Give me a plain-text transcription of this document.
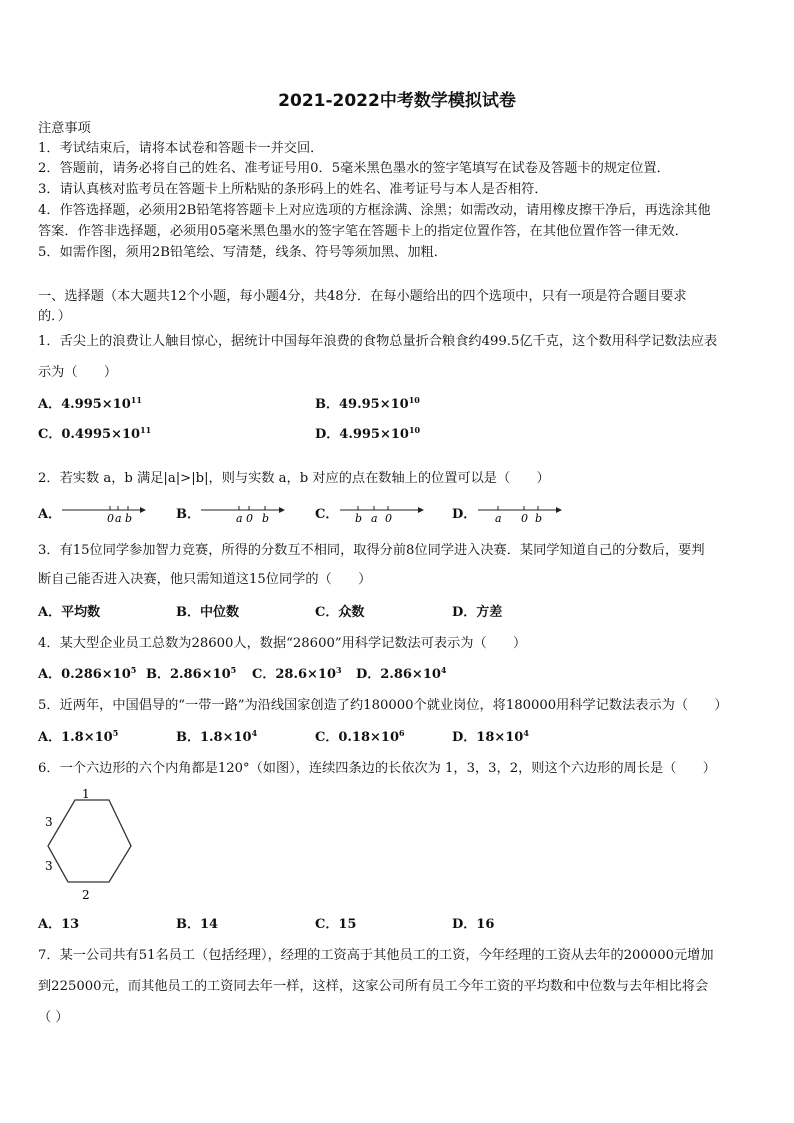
2021-2022中考数学模拟试卷
注意事项
1．考试结束后，请将本试卷和答题卡一并交回．
2．答题前，请务必将自己的姓名、准考证号用0．5毫米黑色墨水的签字笔填写在试卷及答题卡的规定位置．
3．请认真核对监考员在答题卡上所粘贴的条形码上的姓名、准考证号与本人是否相符．
4．作答选择题，必须用2B铅笔将答题卡上对应选项的方框涂满、涂黑；如需改动，请用橡皮擦干净后，再选涂其他
答案．作答非选择题，必须用05毫米黑色墨水的签字笔在答题卡上的指定位置作答，在其他位置作答一律无效．
5．如需作图，须用2B铅笔绘、写清楚，线条、符号等须加黑、加粗．
一、选择题（本大题共12个小题，每小题4分，共48分．在每小题给出的四个选项中，只有一项是符合题目要求
的．）
1．舌尖上的浪费让人触目惊心，据统计中国每年浪费的食物总量折合粮食约499.5亿千克，这个数用科学记数法应表
示为（　　）
A．$4.995\times 10^{11}$	B．$49.95\times 10^{10}$
C．$0.4995\times 10^{11}$	D．$4.995\times 10^{10}$
2．若实数 a，b 满足|a|>|b|，则与实数 a，b 对应的点在数轴上的位置可以是（　　）
A．	0 a b	B．	a 0 b	C． b a 0	D． a 0 b
3．有15位同学参加智力竞赛，所得的分数互不相同，取得分前8位同学进入决赛．某同学知道自己的分数后，要判
断自己能否进入决赛，他只需知道这15位同学的（　　）
A．平均数	B．中位数	C．众数	D．方差
4．某大型企业员工总数为28600人，数据“28600”用科学记数法可表示为（　　）
A．$0.286\times 10^5$ B．$2.86\times 10^5$ C．$28.6\times 10^3$ D．$2.86\times 10^4$
5．近两年，中国倡导的“一带一路”为沿线国家创造了约180000个就业岗位，将180000用科学记数法表示为（　　）
A．$1.8\times 10^5$	B．$1.8\times 10^4$	C．$0.18\times 10^6$	D．$18\times 10^4$
6．一个六边形的六个内角都是120°（如图），连续四条边的长依次为 1，3，3，2，则这个六边形的周长是（　　）
1
3
3
2
A．13	B．14	C．15	D．16
7．某一公司共有51名员工（包括经理），经理的工资高于其他员工的工资，今年经理的工资从去年的200000元增加
到225000元，而其他员工的工资同去年一样，这样，这家公司所有员工今年工资的平均数和中位数与去年相比将会
（ ）
